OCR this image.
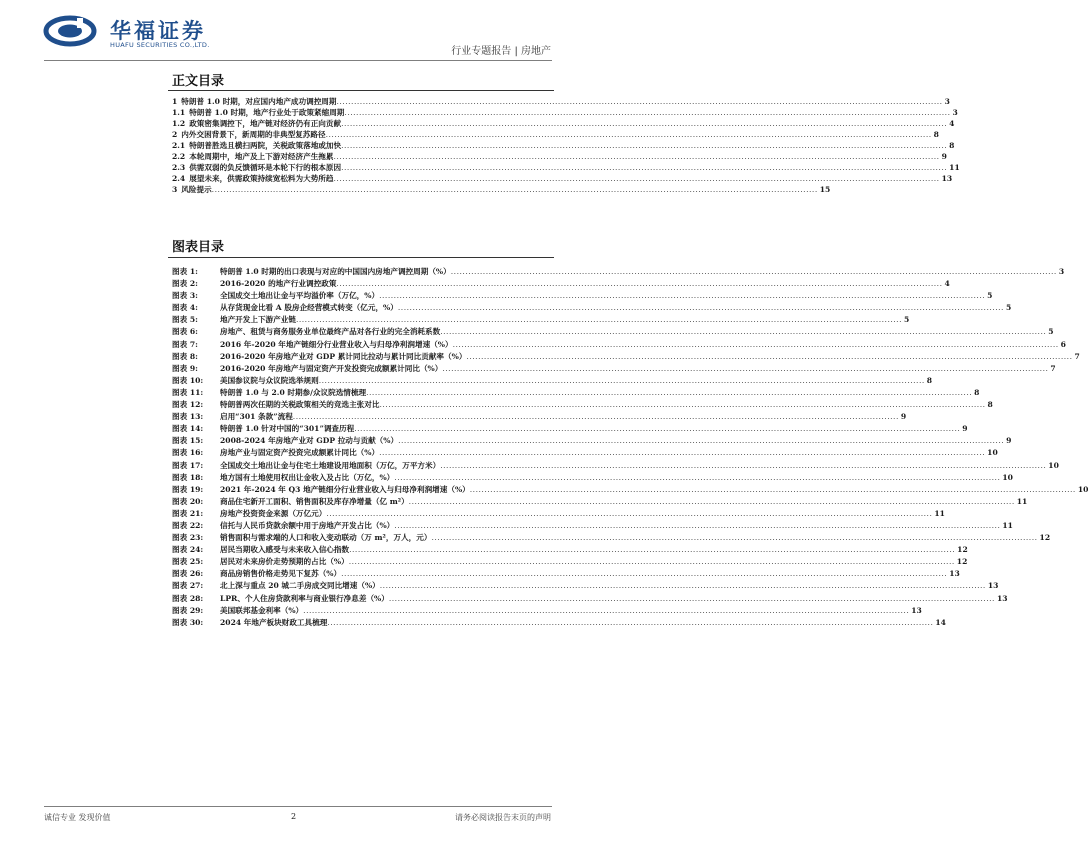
华福证券
HUAFU SECURITIES CO.,LTD.
行业专题报告 | 房地产
正文目录
1 特朗普 1.0 时期，对应国内地产成功调控周期 .....	3
1.1 特朗普 1.0 时期，地产行业处于政策紧缩周期 .....	3
1.2 政策密集调控下，地产链对经济仍有正向贡献 .....	4
2 内外交困背景下，新周期的非典型复苏路径 .....	8
2.1 特朗普胜选且横扫两院，关税政策落地或加快 .....	8
2.2 本轮周期中，地产及上下游对经济产生拖累 .....	9
2.3 供需双弱的负反馈循环是本轮下行的根本原因 .....	11
2.4 展望未来，供需政策持续宽松料为大势所趋 .....	13
3 风险提示 .....	15
图表目录
图表 1:	特朗普 1.0 时期的出口表现与对应的中国国内房地产调控周期（%） .....	3
图表 2:	2016-2020 的地产行业调控政策 .....	4
图表 3:	全国成交土地出让金与平均溢价率（万亿，%） .....	5
图表 4:	从存货现金比看 A 股房企经营模式转变（亿元，%） .....	5
图表 5:	地产开发上下游产业链 .....	5
图表 6:	房地产、租赁与商务服务业单位最终产品对各行业的完全消耗系数 .....	5
图表 7:	2016 年-2020 年地产链细分行业营业收入与归母净利润增速（%） .....	6
图表 8:	2016-2020 年房地产业对 GDP 累计同比拉动与累计同比贡献率（%） .....	7
图表 9:	2016-2020 年房地产与固定资产开发投资完成额累计同比（%） .....	7
图表 10:	美国参议院与众议院选举规则 .....	8
图表 11:	特朗普 1.0 与 2.0 时期参/众议院选情梳理 .....	8
图表 12:	特朗普两次任期的关税政策相关的竞选主张对比 .....	8
图表 13:	启用“301 条款”流程 .....	9
图表 14:	特朗普 1.0 针对中国的“301”调查历程 .....	9
图表 15:	2008-2024 年房地产业对 GDP 拉动与贡献（%） .....	9
图表 16:	房地产业与固定资产投资完成额累计同比（%） .....	10
图表 17:	全国成交土地出让金与住宅土地建设用地面积（万亿，万平方米） .....	10
图表 18:	地方国有土地使用权出让金收入及占比（万亿，%） .....	10
图表 19:	2021 年-2024 年 Q3 地产链细分行业营业收入与归母净利润增速（%） .....	10
图表 20:	商品住宅新开工面积、销售面积及库存净增量（亿 m²） .....	11
图表 21:	房地产投资资金来源（万亿元） .....	11
图表 22:	信托与人民币贷款余额中用于房地产开发占比（%） .....	11
图表 23:	销售面积与需求端的人口和收入变动联动（万 m²，万人，元） .....	12
图表 24:	居民当期收入感受与未来收入信心指数 .....	12
图表 25:	居民对未来房价走势预期的占比（%） .....	12
图表 26:	商品房销售价格走势见下复苏（%） .....	13
图表 27:	北上深与重点 20 城二手房成交同比增速（%） .....	13
图表 28:	LPR、个人住房贷款利率与商业银行净息差（%） .....	13
图表 29:	美国联邦基金利率（%） .....	13
图表 30:	2024 年地产板块财政工具梳理 .....	14
诚信专业 发现价值	2	请务必阅读报告末页的声明
